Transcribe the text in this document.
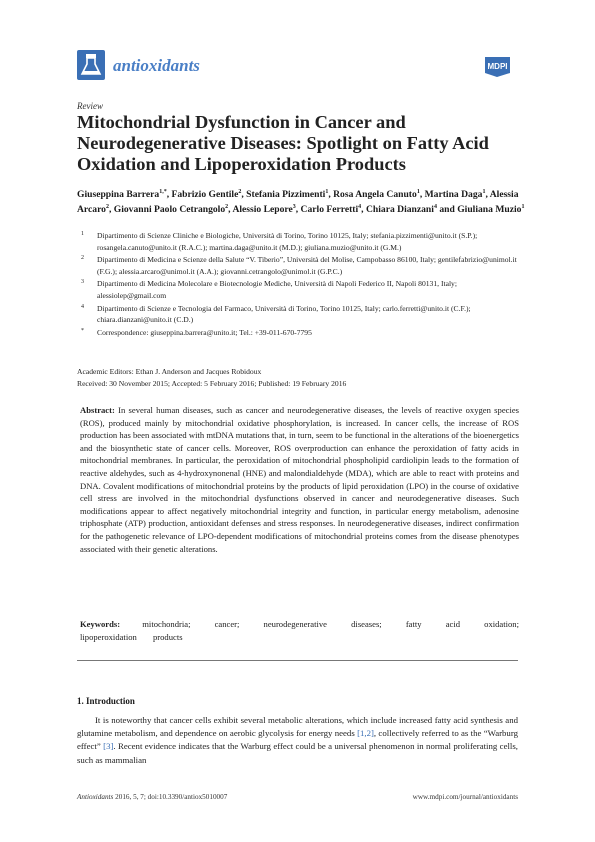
antioxidants	MDPI
Review
Mitochondrial Dysfunction in Cancer and Neurodegenerative Diseases: Spotlight on Fatty Acid Oxidation and Lipoperoxidation Products
Giuseppina Barrera$^{1,*}$, Fabrizio Gentile$^2$, Stefania Pizzimenti$^1$, Rosa Angela Canuto$^1$, Martina Daga$^1$, Alessia Arcaro$^2$, Giovanni Paolo Cetrangolo$^2$, Alessio Lepore$^3$, Carlo Ferretti$^4$, Chiara Dianzani$^4$ and Giuliana Muzio$^1$
1 Dipartimento di Scienze Cliniche e Biologiche, Università di Torino, Torino 10125, Italy; stefania.pizzimenti@unito.it (S.P.); rosangela.canuto@unito.it (R.A.C.); martina.daga@unito.it (M.D.); giuliana.muzio@unito.it (G.M.)
2 Dipartimento di Medicina e Scienze della Salute “V. Tiberio”, Università del Molise, Campobasso 86100, Italy; gentilefabrizio@unimol.it (F.G.); alessia.arcaro@unimol.it (A.A.); giovanni.cetrangolo@unimol.it (G.P.C.)
3 Dipartimento di Medicina Molecolare e Biotecnologie Mediche, Università di Napoli Federico II, Napoli 80131, Italy; alessiolep@gmail.com
4 Dipartimento di Scienze e Tecnologia del Farmaco, Università di Torino, Torino 10125, Italy; carlo.ferretti@unito.it (C.F.); chiara.dianzani@unito.it (C.D.)
* Correspondence: giuseppina.barrera@unito.it; Tel.: +39-011-670-7795
Academic Editors: Ethan J. Anderson and Jacques Robidoux
Received: 30 November 2015; Accepted: 5 February 2016; Published: 19 February 2016
Abstract: In several human diseases, such as cancer and neurodegenerative diseases, the levels of reactive oxygen species (ROS), produced mainly by mitochondrial oxidative phosphorylation, is increased. In cancer cells, the increase of ROS production has been associated with mtDNA mutations that, in turn, seem to be functional in the alterations of the bioenergetics and the biosynthetic state of cancer cells. Moreover, ROS overproduction can enhance the peroxidation of fatty acids in mitochondrial membranes. In particular, the peroxidation of mitochondrial phospholipid cardiolipin leads to the formation of reactive aldehydes, such as 4-hydroxynonenal (HNE) and malondialdehyde (MDA), which are able to react with proteins and DNA. Covalent modifications of mitochondrial proteins by the products of lipid peroxidation (LPO) in the course of oxidative cell stress are involved in the mitochondrial dysfunctions observed in cancer and neurodegenerative diseases. Such modifications appear to affect negatively mitochondrial integrity and function, in particular energy metabolism, adenosine triphosphate (ATP) production, antioxidant defenses and stress responses. In neurodegenerative diseases, indirect confirmation for the pathogenetic relevance of LPO-dependent modifications of mitochondrial proteins comes from the disease phenotypes associated with their genetic alterations.
Keywords:	mitochondria; cancer; neurodegenerative diseases; fatty acid oxidation; lipoperoxidation products
1. Introduction
It is noteworthy that cancer cells exhibit several metabolic alterations, which include increased fatty acid synthesis and glutamine metabolism, and dependence on aerobic glycolysis for energy needs [1,2], collectively referred to as the “Warburg effect” [3]. Recent evidence indicates that the Warburg effect could be a universal phenomenon in normal proliferating cells, such as mammalian
Antioxidants 2016, 5, 7; doi:10.3390/antiox5010007	www.mdpi.com/journal/antioxidants
